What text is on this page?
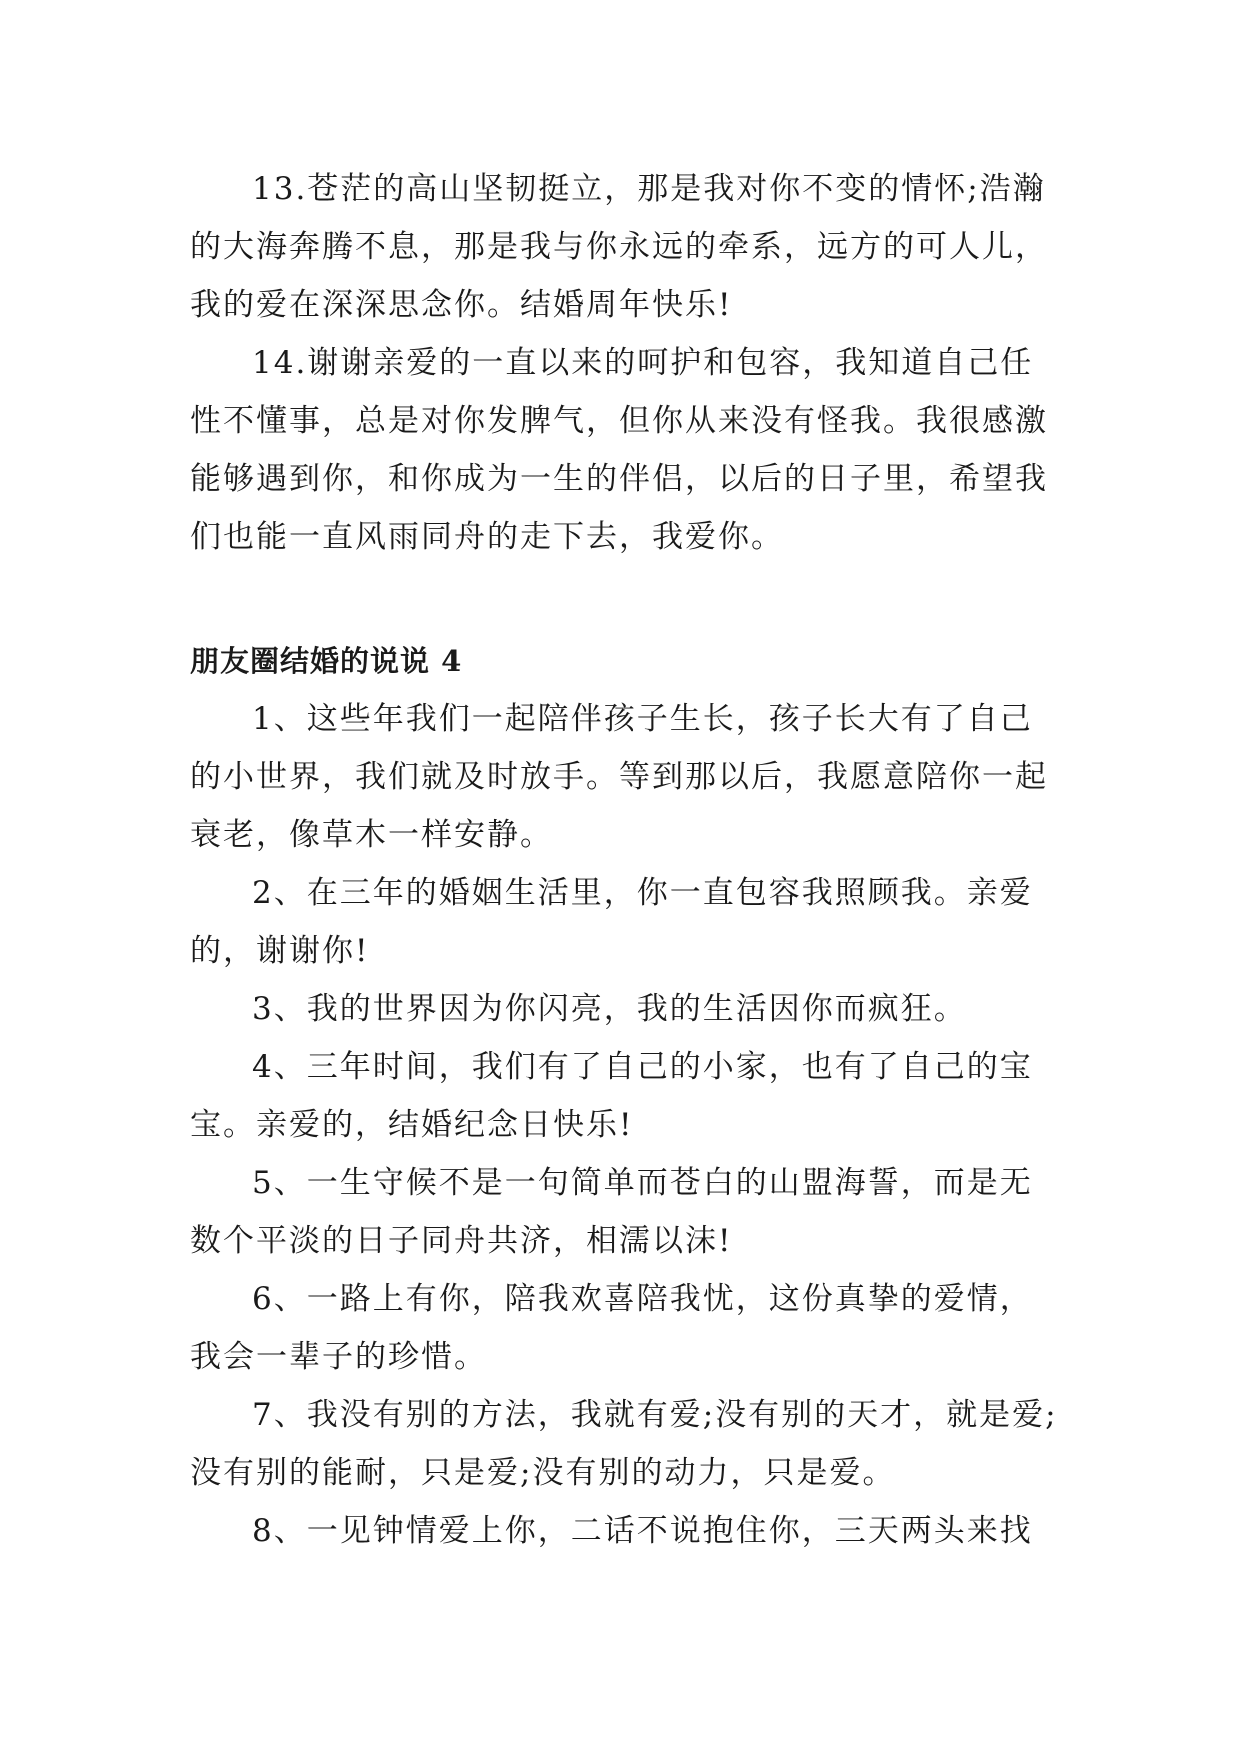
13.苍茫的高山坚韧挺立，那是我对你不变的情怀;浩瀚的大海奔腾不息，那是我与你永远的牵系，远方的可人儿，我的爱在深深思念你。结婚周年快乐!

14.谢谢亲爱的一直以来的呵护和包容，我知道自己任性不懂事，总是对你发脾气，但你从来没有怪我。我很感激能够遇到你，和你成为一生的伴侣，以后的日子里，希望我们也能一直风雨同舟的走下去，我爱你。

朋友圈结婚的说说 4

1、这些年我们一起陪伴孩子生长，孩子长大有了自己的小世界，我们就及时放手。等到那以后，我愿意陪你一起衰老，像草木一样安静。

2、在三年的婚姻生活里，你一直包容我照顾我。亲爱的，谢谢你!

3、我的世界因为你闪亮，我的生活因你而疯狂。

4、三年时间，我们有了自己的小家，也有了自己的宝宝。亲爱的，结婚纪念日快乐!

5、一生守候不是一句简单而苍白的山盟海誓，而是无数个平淡的日子同舟共济，相濡以沫!

6、一路上有你，陪我欢喜陪我忧，这份真挚的爱情，我会一辈子的珍惜。

7、我没有别的方法，我就有爱;没有别的天才，就是爱;没有别的能耐，只是爱;没有别的动力，只是爱。

8、一见钟情爱上你，二话不说抱住你，三天两头来找
